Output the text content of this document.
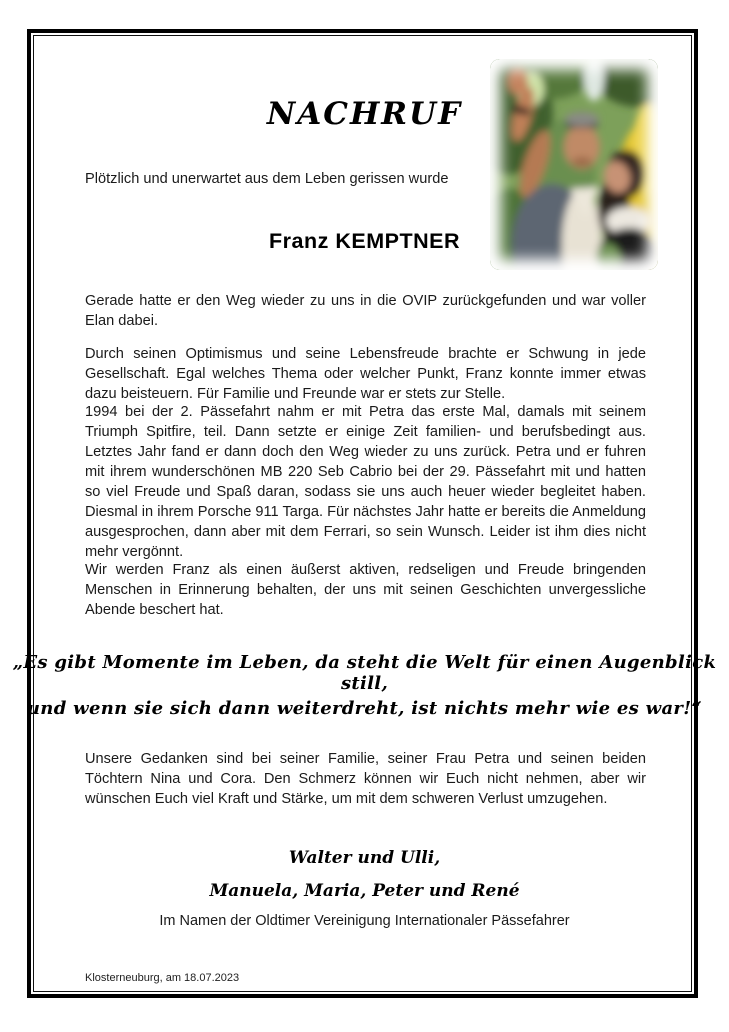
NACHRUF
Plötzlich und unerwartet aus dem Leben gerissen wurde
Franz KEMPTNER
Gerade hatte er den Weg wieder zu uns in die OVIP zurückgefunden und war voller Elan dabei.
Durch seinen Optimismus und seine Lebensfreude brachte er Schwung in jede Gesellschaft. Egal welches Thema oder welcher Punkt, Franz konnte immer etwas dazu beisteuern. Für Familie und Freunde war er stets zur Stelle.
1994 bei der 2. Pässefahrt nahm er mit Petra das erste Mal, damals mit seinem Triumph Spitfire, teil. Dann setzte er einige Zeit familien- und berufsbedingt aus. Letztes Jahr fand er dann doch den Weg wieder zu uns zurück. Petra und er fuhren mit ihrem wunderschönen MB 220 Seb Cabrio bei der 29. Pässefahrt mit und hatten so viel Freude und Spaß daran, sodass sie uns auch heuer wieder begleitet haben. Diesmal in ihrem Porsche 911 Targa. Für nächstes Jahr hatte er bereits die Anmeldung ausgesprochen, dann aber mit dem Ferrari, so sein Wunsch. Leider ist ihm dies nicht mehr vergönnt.
Wir werden Franz als einen äußerst aktiven, redseligen und Freude bringenden Menschen in Erinnerung behalten, der uns mit seinen Geschichten unvergessliche Abende beschert hat.
„Es gibt Momente im Leben, da steht die Welt für einen Augenblick still,
und wenn sie sich dann weiterdreht, ist nichts mehr wie es war!“
Unsere Gedanken sind bei seiner Familie, seiner Frau Petra und seinen beiden Töchtern Nina und Cora. Den Schmerz können wir Euch nicht nehmen, aber wir wünschen Euch viel Kraft und Stärke, um mit dem schweren Verlust umzugehen.
Walter und Ulli,
Manuela, Maria, Peter und René
Im Namen der Oldtimer Vereinigung Internationaler Pässefahrer
Klosterneuburg, am 18.07.2023
